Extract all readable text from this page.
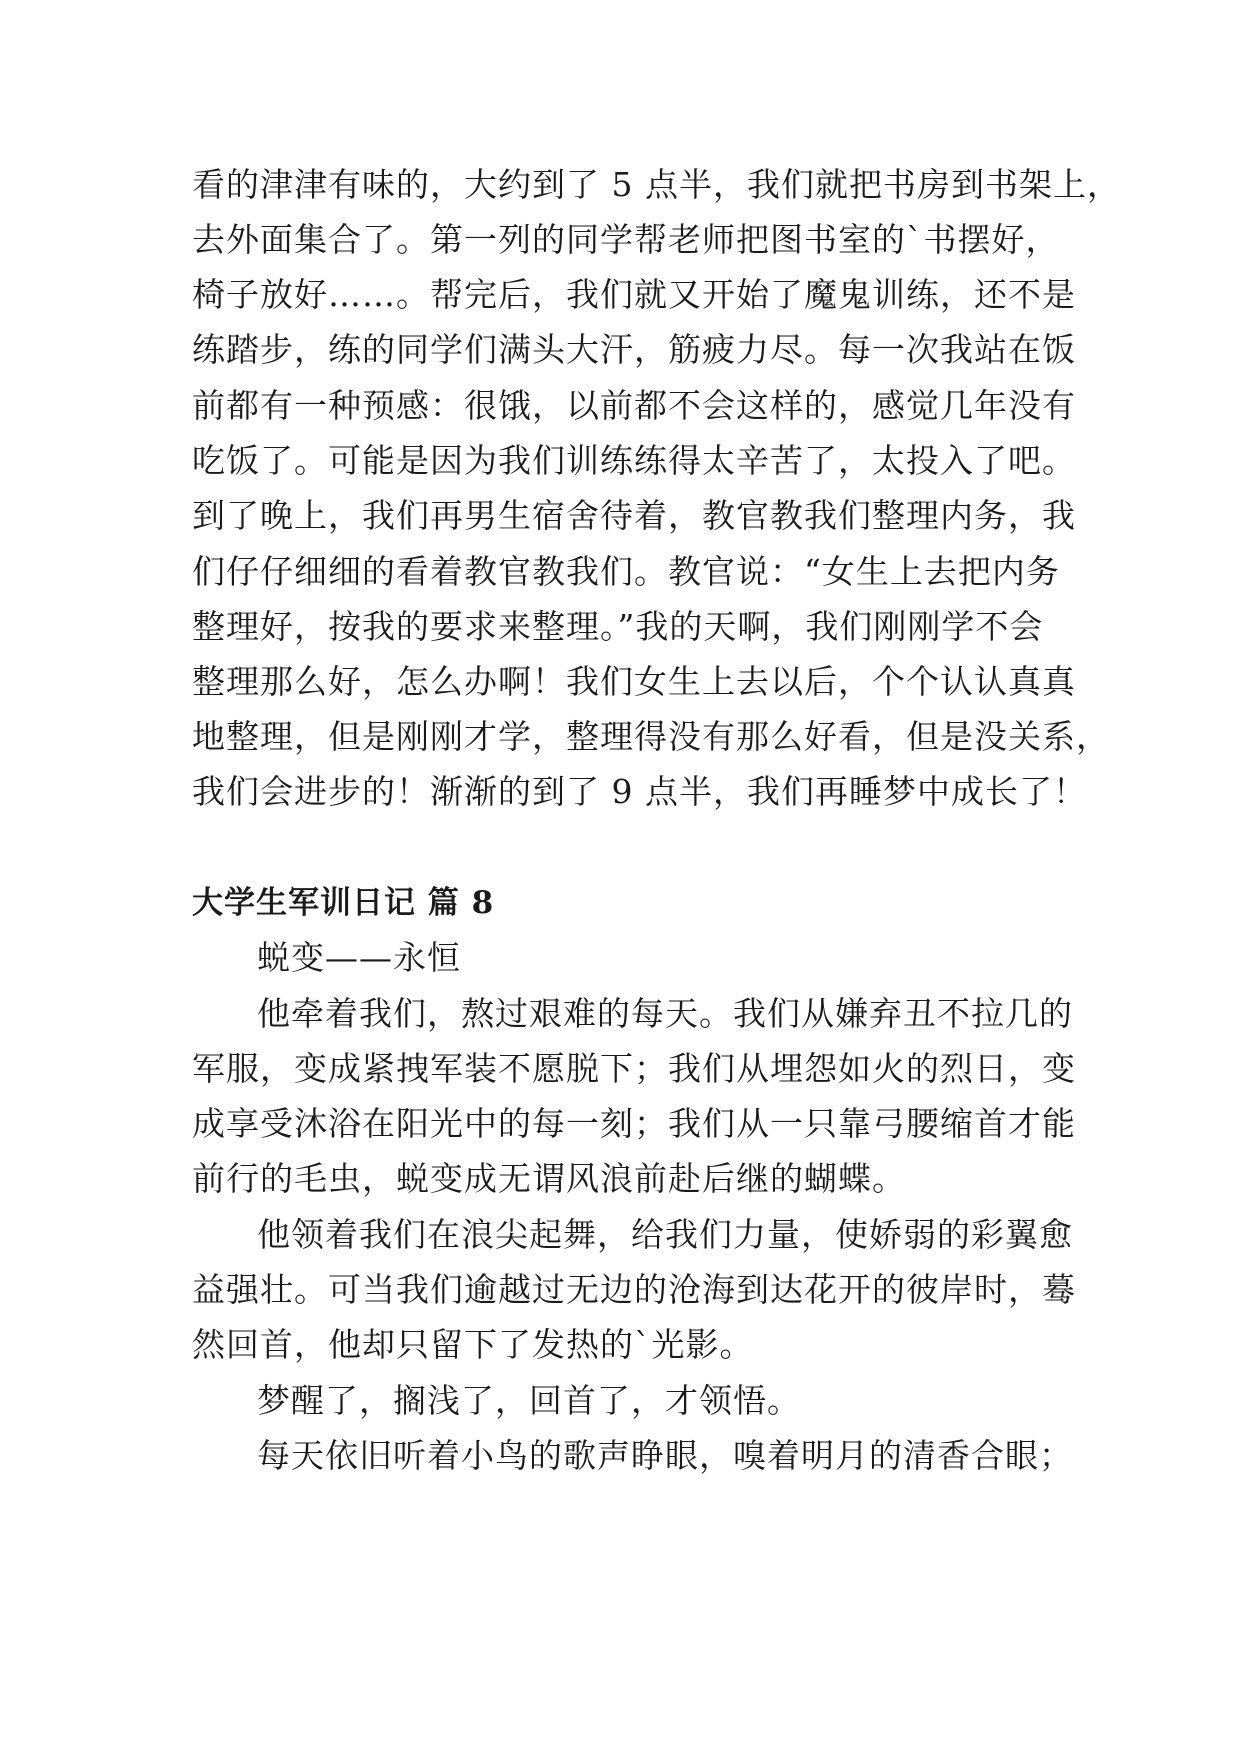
看的津津有味的，大约到了 5 点半，我们就把书房到书架上，

去外面集合了。第一列的同学帮老师把图书室的`书摆好，

椅子放好……。帮完后，我们就又开始了魔鬼训练，还不是

练踏步，练的同学们满头大汗，筋疲力尽。每一次我站在饭

前都有一种预感：很饿，以前都不会这样的，感觉几年没有

吃饭了。可能是因为我们训练练得太辛苦了，太投入了吧。

到了晚上，我们再男生宿舍待着，教官教我们整理内务，我

们仔仔细细的看着教官教我们。教官说：“女生上去把内务

整理好，按我的要求来整理。”我的天啊，我们刚刚学不会

整理那么好，怎么办啊！我们女生上去以后，个个认认真真

地整理，但是刚刚才学，整理得没有那么好看，但是没关系，

我们会进步的！渐渐的到了 9 点半，我们再睡梦中成长了！

大学生军训日记 篇 8

蜕变——永恒

他牵着我们，熬过艰难的每天。我们从嫌弃丑不拉几的

军服，变成紧拽军装不愿脱下；我们从埋怨如火的烈日，变

成享受沐浴在阳光中的每一刻；我们从一只靠弓腰缩首才能

前行的毛虫，蜕变成无谓风浪前赴后继的蝴蝶。

他领着我们在浪尖起舞，给我们力量，使娇弱的彩翼愈

益强壮。可当我们逾越过无边的沧海到达花开的彼岸时，蓦

然回首，他却只留下了发热的`光影。

梦醒了，搁浅了，回首了，才领悟。

每天依旧听着小鸟的歌声睁眼，嗅着明月的清香合眼；
